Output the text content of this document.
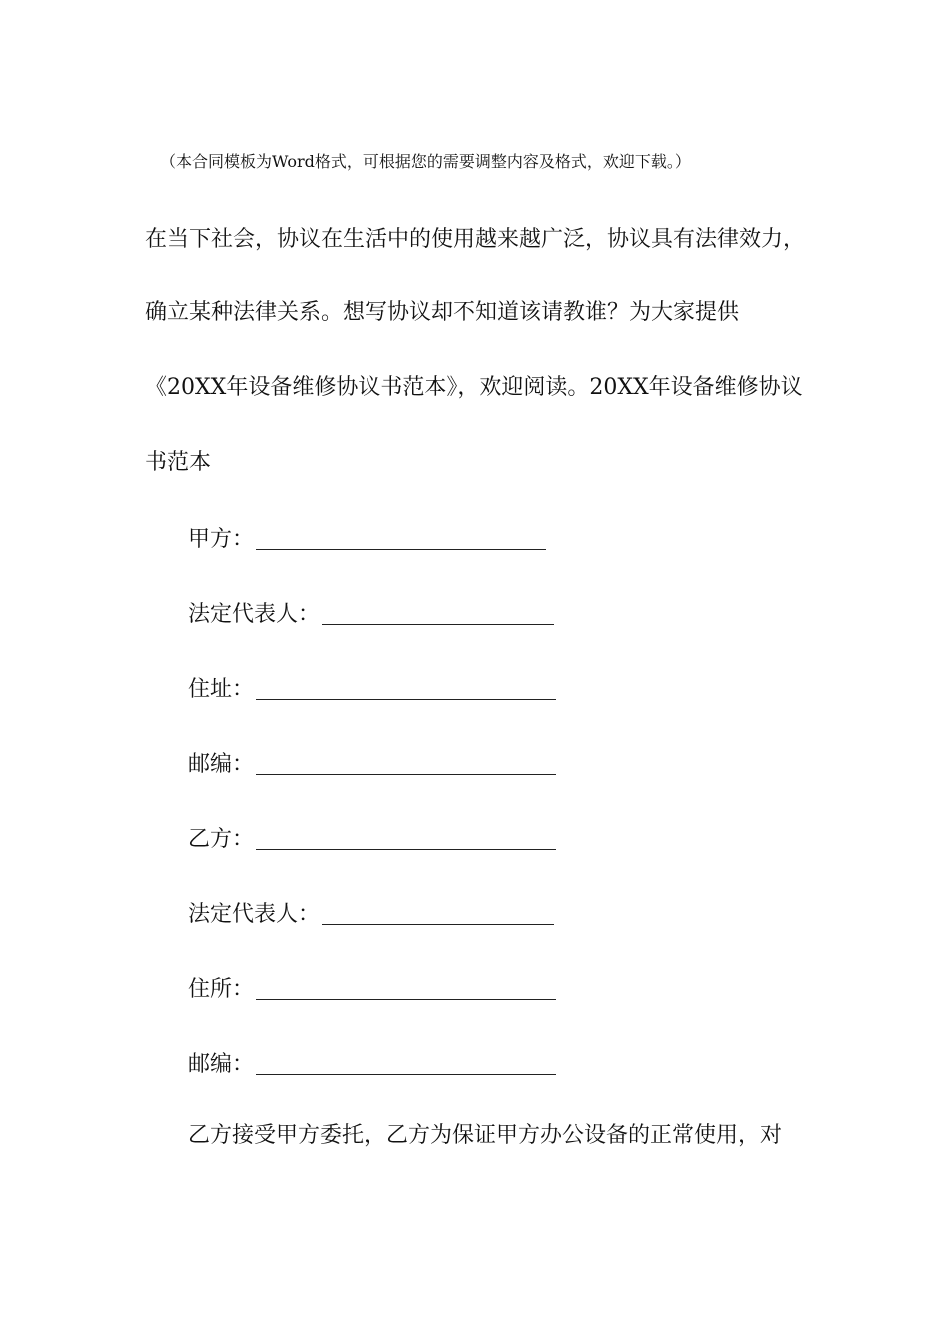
（本合同模板为Word格式，可根据您的需要调整内容及格式，欢迎下载。）
在当下社会，协议在生活中的使用越来越广泛，协议具有法律效力，
确立某种法律关系。想写协议却不知道该请教谁？为大家提供
《20XX年设备维修协议书范本》，欢迎阅读。20XX年设备维修协议
书范本
甲方：
法定代表人：
住址：
邮编：
乙方：
法定代表人：
住所：
邮编：
乙方接受甲方委托，乙方为保证甲方办公设备的正常使用，对
